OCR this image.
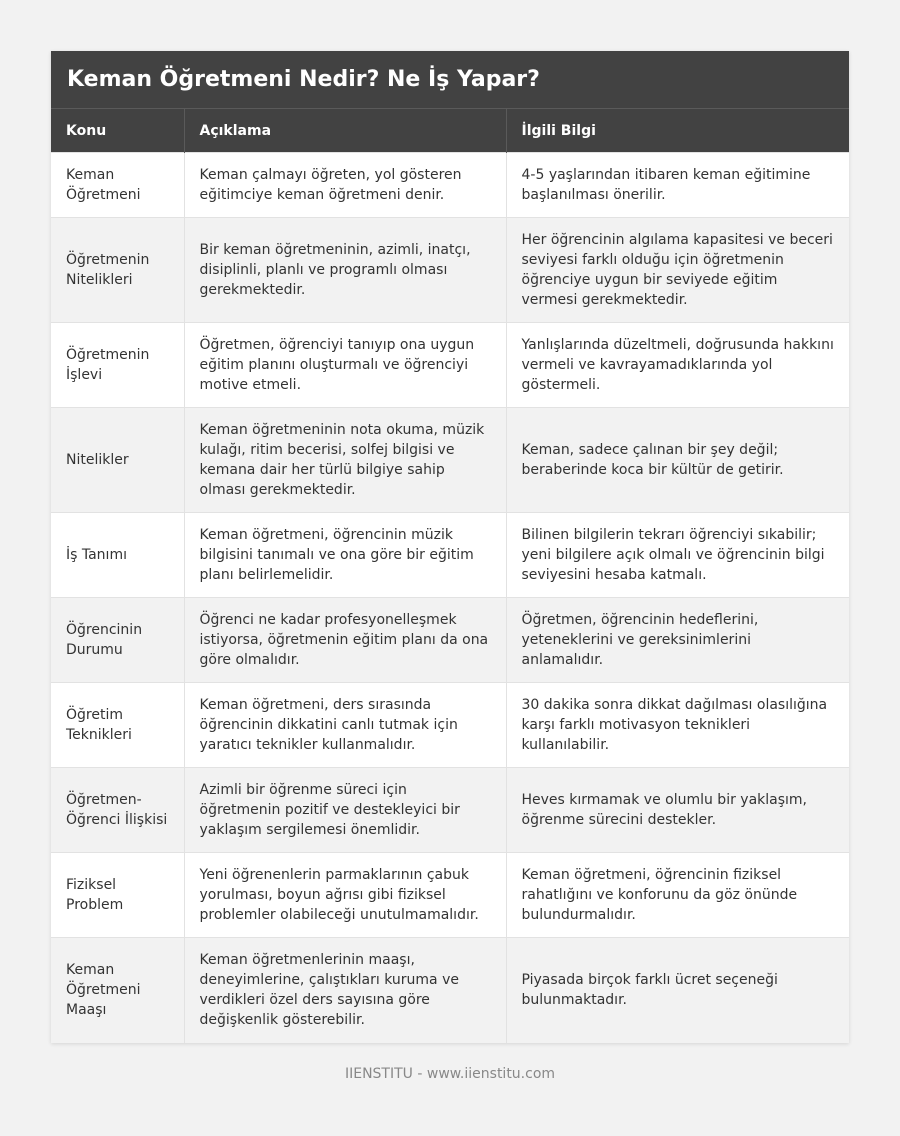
Keman Öğretmeni Nedir? Ne İş Yapar?
Konu	Açıklama	İlgili Bilgi
Keman Öğretmeni	Keman çalmayı öğreten, yol gösteren eğitimciye keman öğretmeni denir.	4-5 yaşlarından itibaren keman eğitimine başlanılması önerilir.
Öğretmenin Nitelikleri	Bir keman öğretmeninin, azimli, inatçı, disiplinli, planlı ve programlı olması gerekmektedir.	Her öğrencinin algılama kapasitesi ve beceri seviyesi farklı olduğu için öğretmenin öğrenciye uygun bir seviyede eğitim vermesi gerekmektedir.
Öğretmenin İşlevi	Öğretmen, öğrenciyi tanıyıp ona uygun eğitim planını oluşturmalı ve öğrenciyi motive etmeli.	Yanlışlarında düzeltmeli, doğrusunda hakkını vermeli ve kavrayamadıklarında yol göstermeli.
Nitelikler	Keman öğretmeninin nota okuma, müzik kulağı, ritim becerisi, solfej bilgisi ve kemana dair her türlü bilgiye sahip olması gerekmektedir.	Keman, sadece çalınan bir şey değil; beraberinde koca bir kültür de getirir.
İş Tanımı	Keman öğretmeni, öğrencinin müzik bilgisini tanımalı ve ona göre bir eğitim planı belirlemelidir.	Bilinen bilgilerin tekrarı öğrenciyi sıkabilir; yeni bilgilere açık olmalı ve öğrencinin bilgi seviyesini hesaba katmalı.
Öğrencinin Durumu	Öğrenci ne kadar profesyonelleşmek istiyorsa, öğretmenin eğitim planı da ona göre olmalıdır.	Öğretmen, öğrencinin hedeflerini, yeteneklerini ve gereksinimlerini anlamalıdır.
Öğretim Teknikleri	Keman öğretmeni, ders sırasında öğrencinin dikkatini canlı tutmak için yaratıcı teknikler kullanmalıdır.	30 dakika sonra dikkat dağılması olasılığına karşı farklı motivasyon teknikleri kullanılabilir.
Öğretmen-Öğrenci İlişkisi	Azimli bir öğrenme süreci için öğretmenin pozitif ve destekleyici bir yaklaşım sergilemesi önemlidir.	Heves kırmamak ve olumlu bir yaklaşım, öğrenme sürecini destekler.
Fiziksel Problem	Yeni öğrenenlerin parmaklarının çabuk yorulması, boyun ağrısı gibi fiziksel problemler olabileceği unutulmamalıdır.	Keman öğretmeni, öğrencinin fiziksel rahatlığını ve konforunu da göz önünde bulundurmalıdır.
Keman Öğretmeni Maaşı	Keman öğretmenlerinin maaşı, deneyimlerine, çalıştıkları kuruma ve verdikleri özel ders sayısına göre değişkenlik gösterebilir.	Piyasada birçok farklı ücret seçeneği bulunmaktadır.
IIENSTITU - www.iienstitu.com
